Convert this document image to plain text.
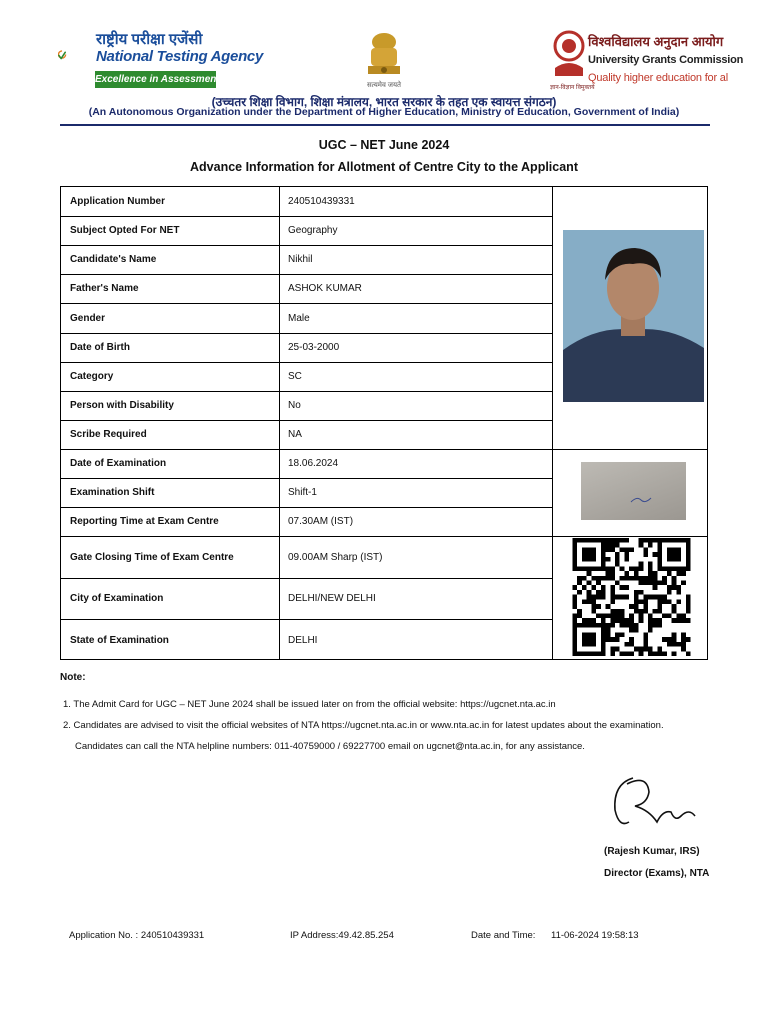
राष्ट्रीय परीक्षा एजेंसी
National Testing Agency
Excellence in Assessment
सत्यमेव जयते
विश्वविद्यालय अनुदान आयोग
University Grants Commission
Quality higher education for al
ज्ञान-विज्ञान विमुक्तये
(उच्चतर शिक्षा विभाग, शिक्षा मंत्रालय, भारत सरकार के तहत एक स्वायत्त संगठन)
(An Autonomous Organization under the Department of Higher Education, Ministry of Education, Government of India)
UGC – NET June 2024
Advance Information for Allotment of Centre City to the Applicant
Application Number	240510439331
Subject Opted For NET	Geography
Candidate's Name	Nikhil
Father's Name	ASHOK KUMAR
Gender	Male
Date of Birth	25-03-2000
Category	SC
Person with Disability	No
Scribe Required	NA
Date of Examination	18.06.2024
Examination Shift	Shift-1
Reporting Time at Exam Centre	07.30AM (IST)
Gate Closing Time of Exam Centre	09.00AM Sharp (IST)
City of Examination	DELHI/NEW DELHI
State of Examination	DELHI
Note:
1. The Admit Card for UGC – NET June 2024 shall be issued later on from the official website: https://ugcnet.nta.ac.in
2. Candidates are advised to visit the official websites of NTA https://ugcnet.nta.ac.in or www.nta.ac.in for latest updates about the examination.
Candidates can call the NTA helpline numbers: 011-40759000 / 69227700 email on ugcnet@nta.ac.in, for any assistance.
(Rajesh Kumar, IRS)
Director (Exams), NTA
Application No. : 240510439331	IP Address:49.42.85.254	Date and Time: 11-06-2024 19:58:13
